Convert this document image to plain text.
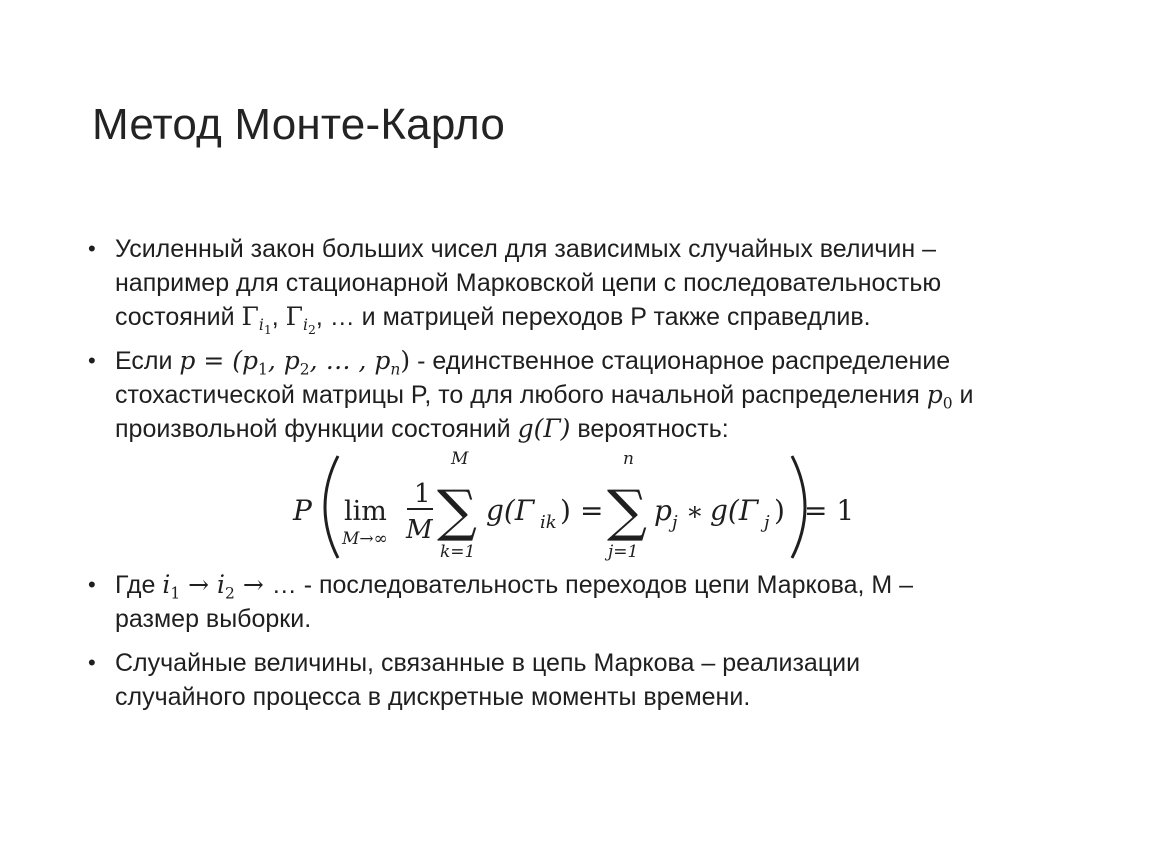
Метод Монте-Карло
• Усиленный закон больших чисел для зависимых случайных величин –
например для стационарной Марковской цепи с последовательностью
состояний $\Gamma_{i_1}$, $\Gamma_{i_2}$, … и матрицей переходов P также справедлив.
• Если $p = (p_1$, $p_2$, … , $p_n$) - единственное стационарное распределение
стохастической матрицы P, то для любого начальной распределения $p_0$ и
произвольной функции состояний g(Γ) вероятность:
P lim
M→∞
1
M
M
∑
k=1
g(Γ ik ) =
n
∑
j=1
p j ∗ g(Γ j ) = 1
• Где $i_1 \to i_2$ → … - последовательность переходов цепи Маркова, M –
размер выборки.
• Случайные величины, связанные в цепь Маркова – реализации
случайного процесса в дискретные моменты времени.
